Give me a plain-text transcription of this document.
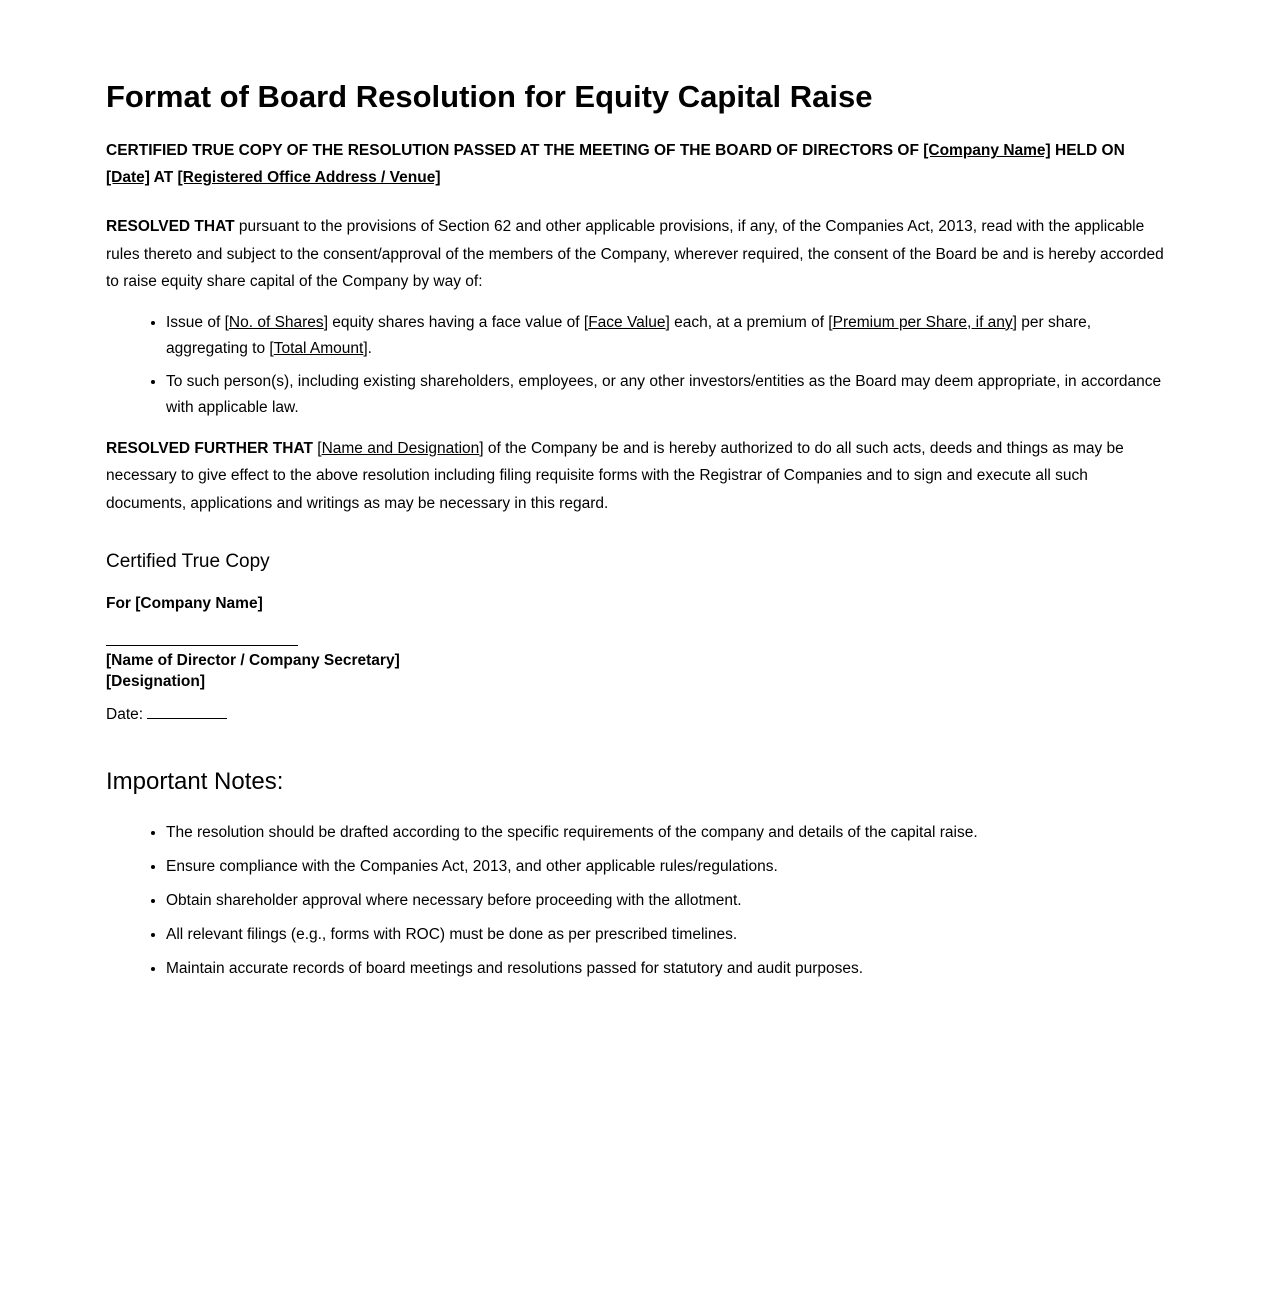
Format of Board Resolution for Equity Capital Raise
CERTIFIED TRUE COPY OF THE RESOLUTION PASSED AT THE MEETING OF THE BOARD OF DIRECTORS OF [Company Name] HELD ON [Date] AT [Registered Office Address / Venue]

RESOLVED THAT pursuant to the provisions of Section 62 and other applicable provisions, if any, of the Companies Act, 2013, read with the applicable rules thereto and subject to the consent/approval of the members of the Company, wherever required, the consent of the Board be and is hereby accorded to raise equity share capital of the Company by way of:

• Issue of [No. of Shares] equity shares having a face value of [Face Value] each, at a premium of [Premium per Share, if any] per share, aggregating to [Total Amount].
• To such person(s), including existing shareholders, employees, or any other investors/entities as the Board may deem appropriate, in accordance with applicable law.

RESOLVED FURTHER THAT [Name and Designation] of the Company be and is hereby authorized to do all such acts, deeds and things as may be necessary to give effect to the above resolution including filing requisite forms with the Registrar of Companies and to sign and execute all such documents, applications and writings as may be necessary in this regard.

Certified True Copy
For [Company Name]
[Name of Director / Company Secretary]
[Designation]
Date:
Important Notes:
• The resolution should be drafted according to the specific requirements of the company and details of the capital raise.
• Ensure compliance with the Companies Act, 2013, and other applicable rules/regulations.
• Obtain shareholder approval where necessary before proceeding with the allotment.
• All relevant filings (e.g., forms with ROC) must be done as per prescribed timelines.
• Maintain accurate records of board meetings and resolutions passed for statutory and audit purposes.
